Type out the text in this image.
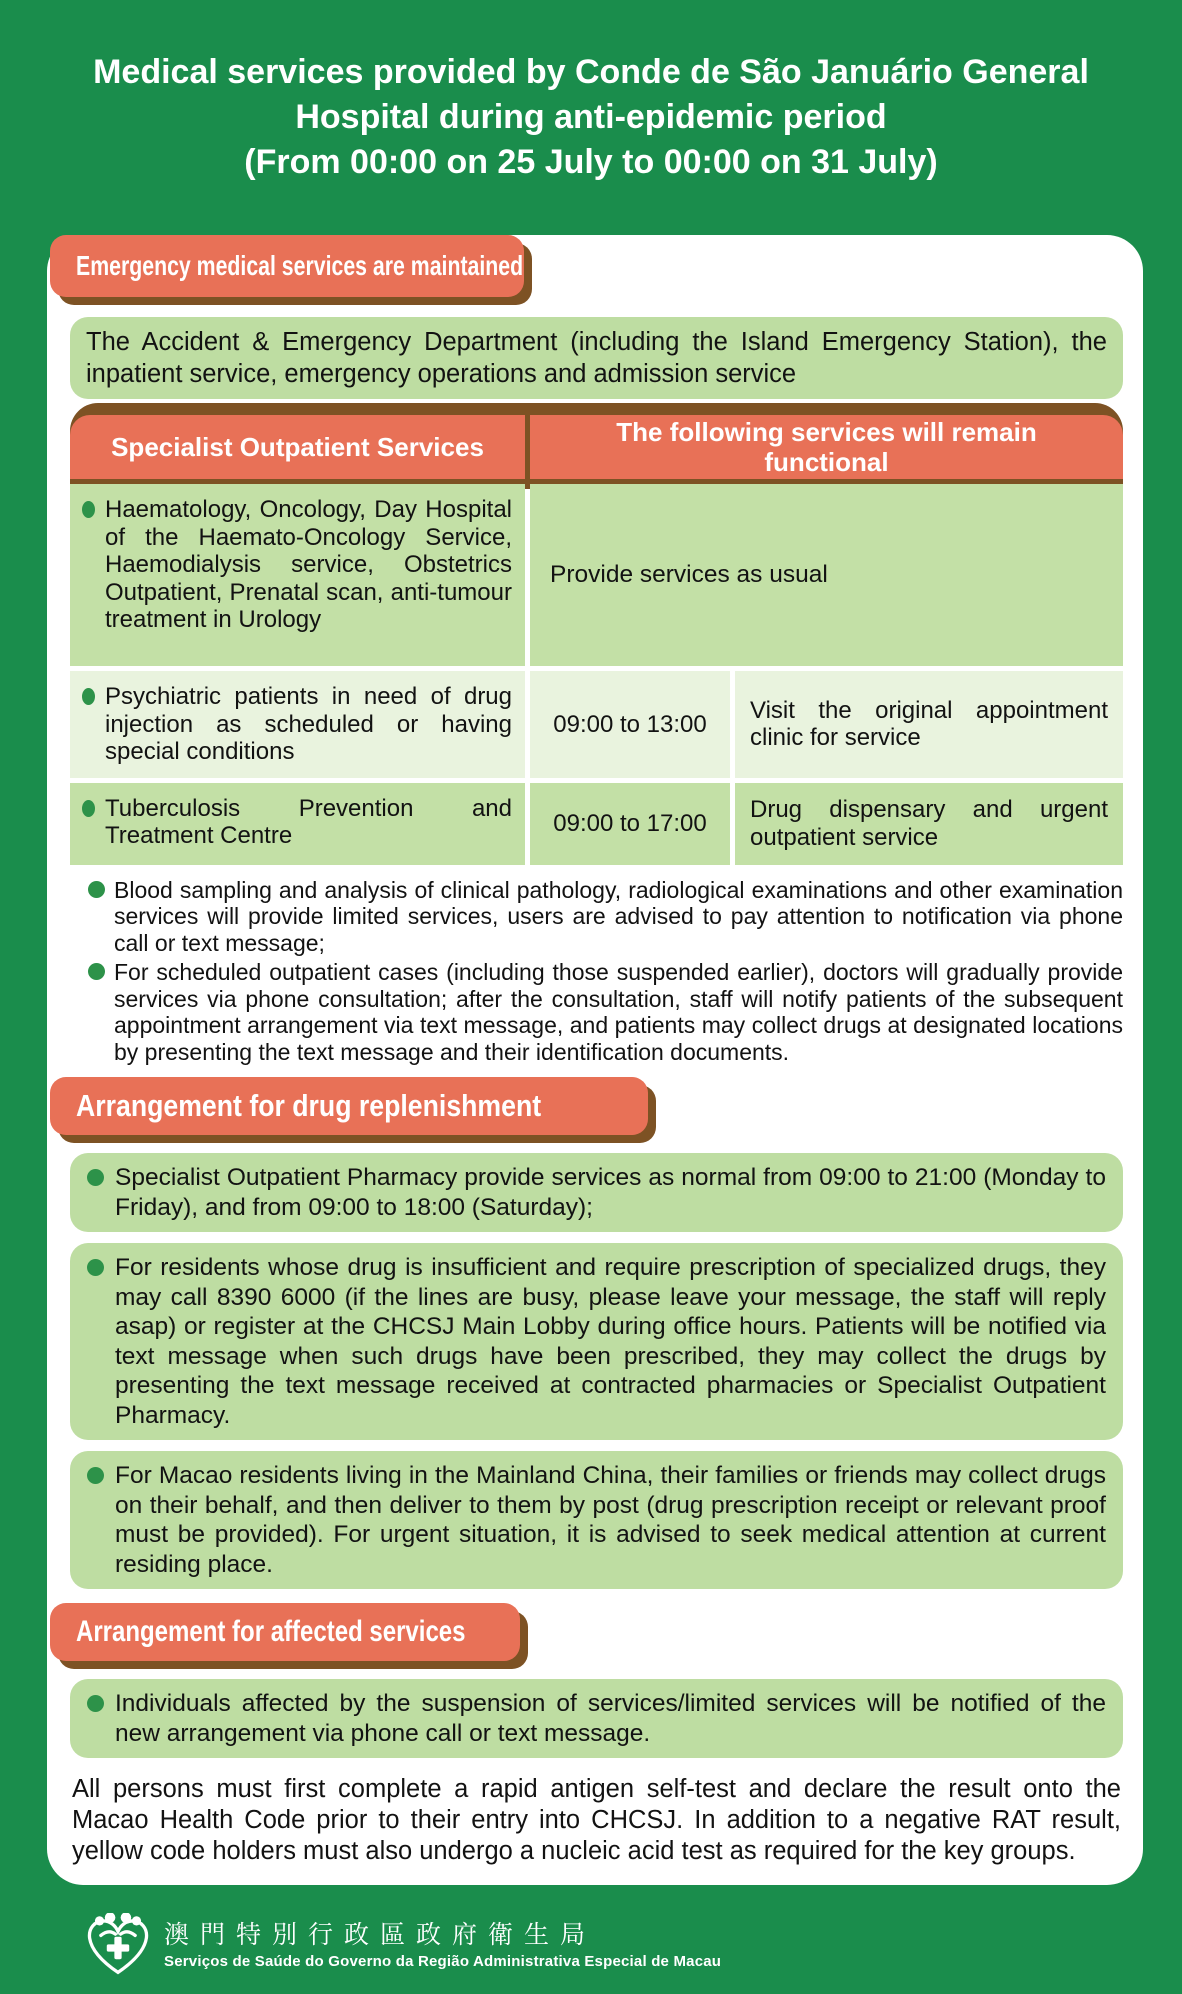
Medical services provided by Conde de São Januário General
Hospital during anti-epidemic period
(From 00:00 on 25 July to 00:00 on 31 July)
Emergency medical services are maintained
The Accident & Emergency Department (including the Island Emergency Station), the inpatient service, emergency operations and admission service
Specialist Outpatient Services	The following services will remain functional

Haematology, Oncology, Day Hospital of the Haemato-Oncology Service, Haemodialysis service, Obstetrics Outpatient, Prenatal scan, anti-tumour treatment in Urology

Provide services as usual

Psychiatric patients in need of drug injection as scheduled or having special conditions

09:00 to 13:00

Visit the original appointment clinic for service

Tuberculosis Prevention and Treatment Centre	09:00 to 17:00

Drug dispensary and urgent outpatient service

Blood sampling and analysis of clinical pathology, radiological examinations and other examination services will provide limited services, users are advised to pay attention to notification via phone call or text message;

For scheduled outpatient cases (including those suspended earlier), doctors will gradually provide services via phone consultation; after the consultation, staff will notify patients of the subsequent appointment arrangement via text message, and patients may collect drugs at designated locations by presenting the text message and their identification documents.

Arrangement for drug replenishment

Specialist Outpatient Pharmacy provide services as normal from 09:00 to 21:00 (Monday to Friday), and from 09:00 to 18:00 (Saturday);

For residents whose drug is insufficient and require prescription of specialized drugs, they may call 8390 6000 (if the lines are busy, please leave your message, the staff will reply asap) or register at the CHCSJ Main Lobby during office hours. Patients will be notified via text message when such drugs have been prescribed, they may collect the drugs by presenting the text message received at contracted pharmacies or Specialist Outpatient Pharmacy.

For Macao residents living in the Mainland China, their families or friends may collect drugs on their behalf, and then deliver to them by post (drug prescription receipt or relevant proof must be provided). For urgent situation, it is advised to seek medical attention at current residing place.

Arrangement for affected services

Individuals affected by the suspension of services/limited services will be notified of the new arrangement via phone call or text message.

All persons must first complete a rapid antigen self-test and declare the result onto the Macao Health Code prior to their entry into CHCSJ. In addition to a negative RAT result, yellow code holders must also undergo a nucleic acid test as required for the key groups.
澳門特別行政區政府衛生局
Serviços de Saúde do Governo da Região Administrativa Especial de Macau
